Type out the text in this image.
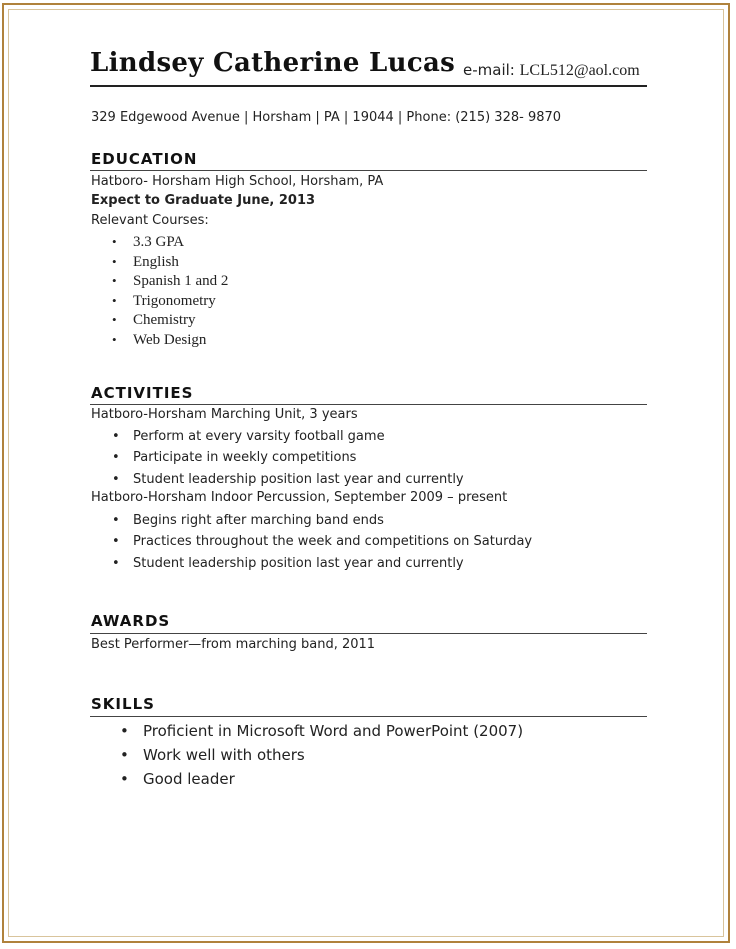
Lindsey Catherine Lucas e-mail: LCL512@aol.com
329 Edgewood Avenue | Horsham | PA | 19044 | Phone: (215) 328- 9870
EDUCATION
Hatboro- Horsham High School, Horsham, PA
Expect to Graduate June, 2013
Relevant Courses:
• 3.3 GPA
• English
• Spanish 1 and 2
• Trigonometry
• Chemistry
• Web Design
ACTIVITIES
Hatboro-Horsham Marching Unit, 3 years
• Perform at every varsity football game
• Participate in weekly competitions
• Student leadership position last year and currently
Hatboro-Horsham Indoor Percussion, September 2009 – present
• Begins right after marching band ends
• Practices throughout the week and competitions on Saturday
• Student leadership position last year and currently
AWARDS
Best Performer—from marching band, 2011
SKILLS
• Proficient in Microsoft Word and PowerPoint (2007)
• Work well with others
• Good leader
